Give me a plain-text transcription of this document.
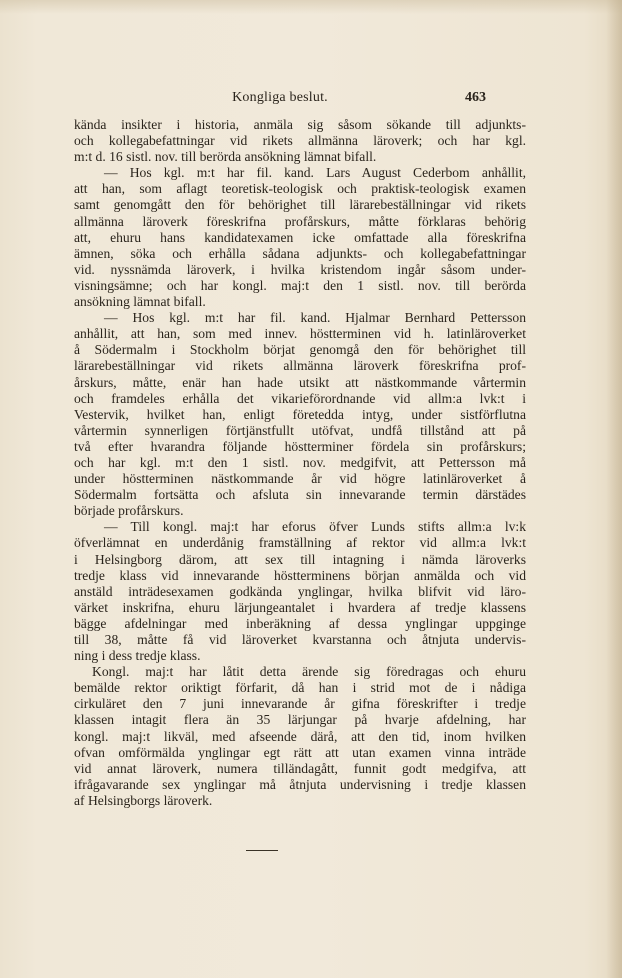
Kongliga beslut.	463
kända insikter i historia, anmäla sig såsom sökande till adjunkts-
och kollegabefattningar vid rikets allmänna läroverk; och har kgl.
m:t d. 16 sistl. nov. till berörda ansökning lämnat bifall.
— Hos kgl. m:t har fil. kand. Lars August Cederbom anhållit,
att han, som aflagt teoretisk-teologisk och praktisk-teologisk examen
samt genomgått den för behörighet till lärarebeställningar vid rikets
allmänna läroverk föreskrifna profårskurs, måtte förklaras behörig
att, ehuru hans kandidatexamen icke omfattade alla föreskrifna
ämnen, söka och erhålla sådana adjunkts- och kollegabefattningar
vid. nyssnämda läroverk, i hvilka kristendom ingår såsom under-
visningsämne; och har kongl. maj:t den 1 sistl. nov. till berörda
ansökning lämnat bifall.
— Hos kgl. m:t har fil. kand. Hjalmar Bernhard Pettersson
anhållit, att han, som med innev. höstterminen vid h. latinläroverket
å Södermalm i Stockholm börjat genomgå den för behörighet till
lärarebeställningar vid rikets allmänna läroverk föreskrifna prof-
årskurs, måtte, enär han hade utsikt att nästkommande vårtermin
och framdeles erhålla det vikarieförordnande vid allm:a lvk:t i
Vestervik, hvilket han, enligt företedda intyg, under sistförflutna
vårtermin synnerligen förtjänstfullt utöfvat, undfå tillstånd att på
två efter hvarandra följande höstterminer fördela sin profårskurs;
och har kgl. m:t den 1 sistl. nov. medgifvit, att Pettersson må
under höstterminen nästkommande år vid högre latinläroverket å
Södermalm fortsätta och afsluta sin innevarande termin därstädes
började profårskurs.
— Till kongl. maj:t har eforus öfver Lunds stifts allm:a lv:k
öfverlämnat en underdånig framställning af rektor vid allm:a lvk:t
i Helsingborg därom, att sex till intagning i nämda läroverks
tredje klass vid innevarande höstterminens början anmälda och vid
anstäld inträdesexamen godkända ynglingar, hvilka blifvit vid läro-
värket inskrifna, ehuru lärjungeantalet i hvardera af tredje klassens
bägge afdelningar med inberäkning af dessa ynglingar uppginge
till 38, måtte få vid läroverket kvarstanna och åtnjuta undervis-
ning i dess tredje klass.
Kongl. maj:t har låtit detta ärende sig föredragas och ehuru
bemälde rektor oriktigt förfarit, då han i strid mot de i nådiga
cirkuläret den 7 juni innevarande år gifna föreskrifter i tredje
klassen intagit flera än 35 lärjungar på hvarje afdelning, har
kongl. maj:t likväl, med afseende därå, att den tid, inom hvilken
ofvan omförmälda ynglingar egt rätt att utan examen vinna inträde
vid annat läroverk, numera tilländagått, funnit godt medgifva, att
ifrågavarande sex ynglingar må åtnjuta undervisning i tredje klassen
af Helsingborgs läroverk.
